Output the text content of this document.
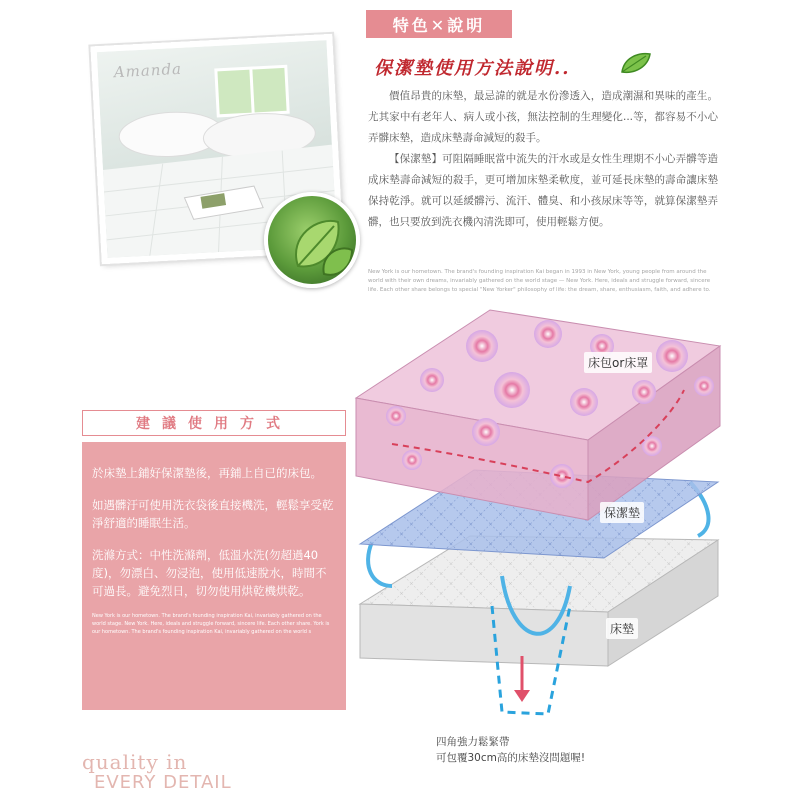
特色✕說明
Amanda	保潔墊使用方法說明..

價值昂貴的床墊，最忌諱的就是水份滲透入，造成潮濕和異味的產生。尤其家中有老年人、病人或小孩，無法控制的生理變化...等，都容易不小心弄髒床墊，造成床墊壽命減短的殺手。

【保潔墊】可阻隔睡眠當中流失的汗水或是女性生理期不小心弄髒等造成床墊壽命減短的殺手，更可增加床墊柔軟度，並可延長床墊的壽命讓床墊保持乾淨。就可以延緩髒污、流汗、體臭、和小孩尿床等等，就算保潔墊弄髒，也只要放到洗衣機內清洗即可，使用輕鬆方便。

New York is our hometown. The brand's founding inspiration Kai began in 1993 in New York, young people from around the world with their own dreams, invariably gathered on the world stage — New York. Here, ideals and struggle forward, sincere life. Each other share belongs to special "New Yorker" philosophy of life: the dream, share, enthusiasm, faith, and adhere to.
建議使用方式

於床墊上鋪好保潔墊後，再鋪上自已的床包。

如遇髒汙可使用洗衣袋後直接機洗，輕鬆享受乾淨舒適的睡眠生活。

洗滌方式：中性洗滌劑，低溫水洗(勿超過40度)，勿漂白、勿浸泡，使用低速脫水，時間不可過長。避免烈日，切勿使用烘乾機烘乾。

New York is our hometown. The brand's founding inspiration Kai, invariably gathered on the world stage. New York. Here, ideals and struggle forward, sincere life. Each other share. York is our hometown. The brand's founding inspiration Kai, invariably gathered on the world s

quality in
EVERY DETAIL
床包or床罩
保潔墊
床墊
四角強力鬆緊帶
可包覆30cm高的床墊沒問題喔!
